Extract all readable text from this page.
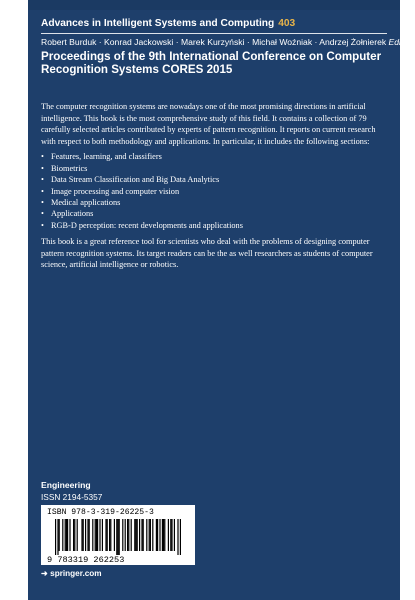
Advances in Intelligent Systems and Computing 403
Robert Burduk · Konrad Jackowski · Marek Kurzyński · Michał Woźniak · Andrzej Żołnierek Editors
Proceedings of the 9th International Conference on Computer Recognition Systems CORES 2015

The computer recognition systems are nowadays one of the most promising directions in artificial intelligence. This book is the most comprehensive study of this field. It contains a collection of 79 carefully selected articles contributed by experts of pattern recognition. It reports on current research with respect to both methodology and applications. In particular, it includes the following sections:

• Features, learning, and classifiers
• Biometrics
• Data Stream Classification and Big Data Analytics
• Image processing and computer vision
• Medical applications
• Applications
• RGB-D perception: recent developments and applications

This book is a great reference tool for scientists who deal with the problems of designing computer pattern recognition systems. Its target readers can be the as well researchers as students of computer science, artificial intelligence or robotics.

Engineering
ISSN 2194-5357
ISBN 978-3-319-26225-3
9 783319 262253
➜ springer.com
